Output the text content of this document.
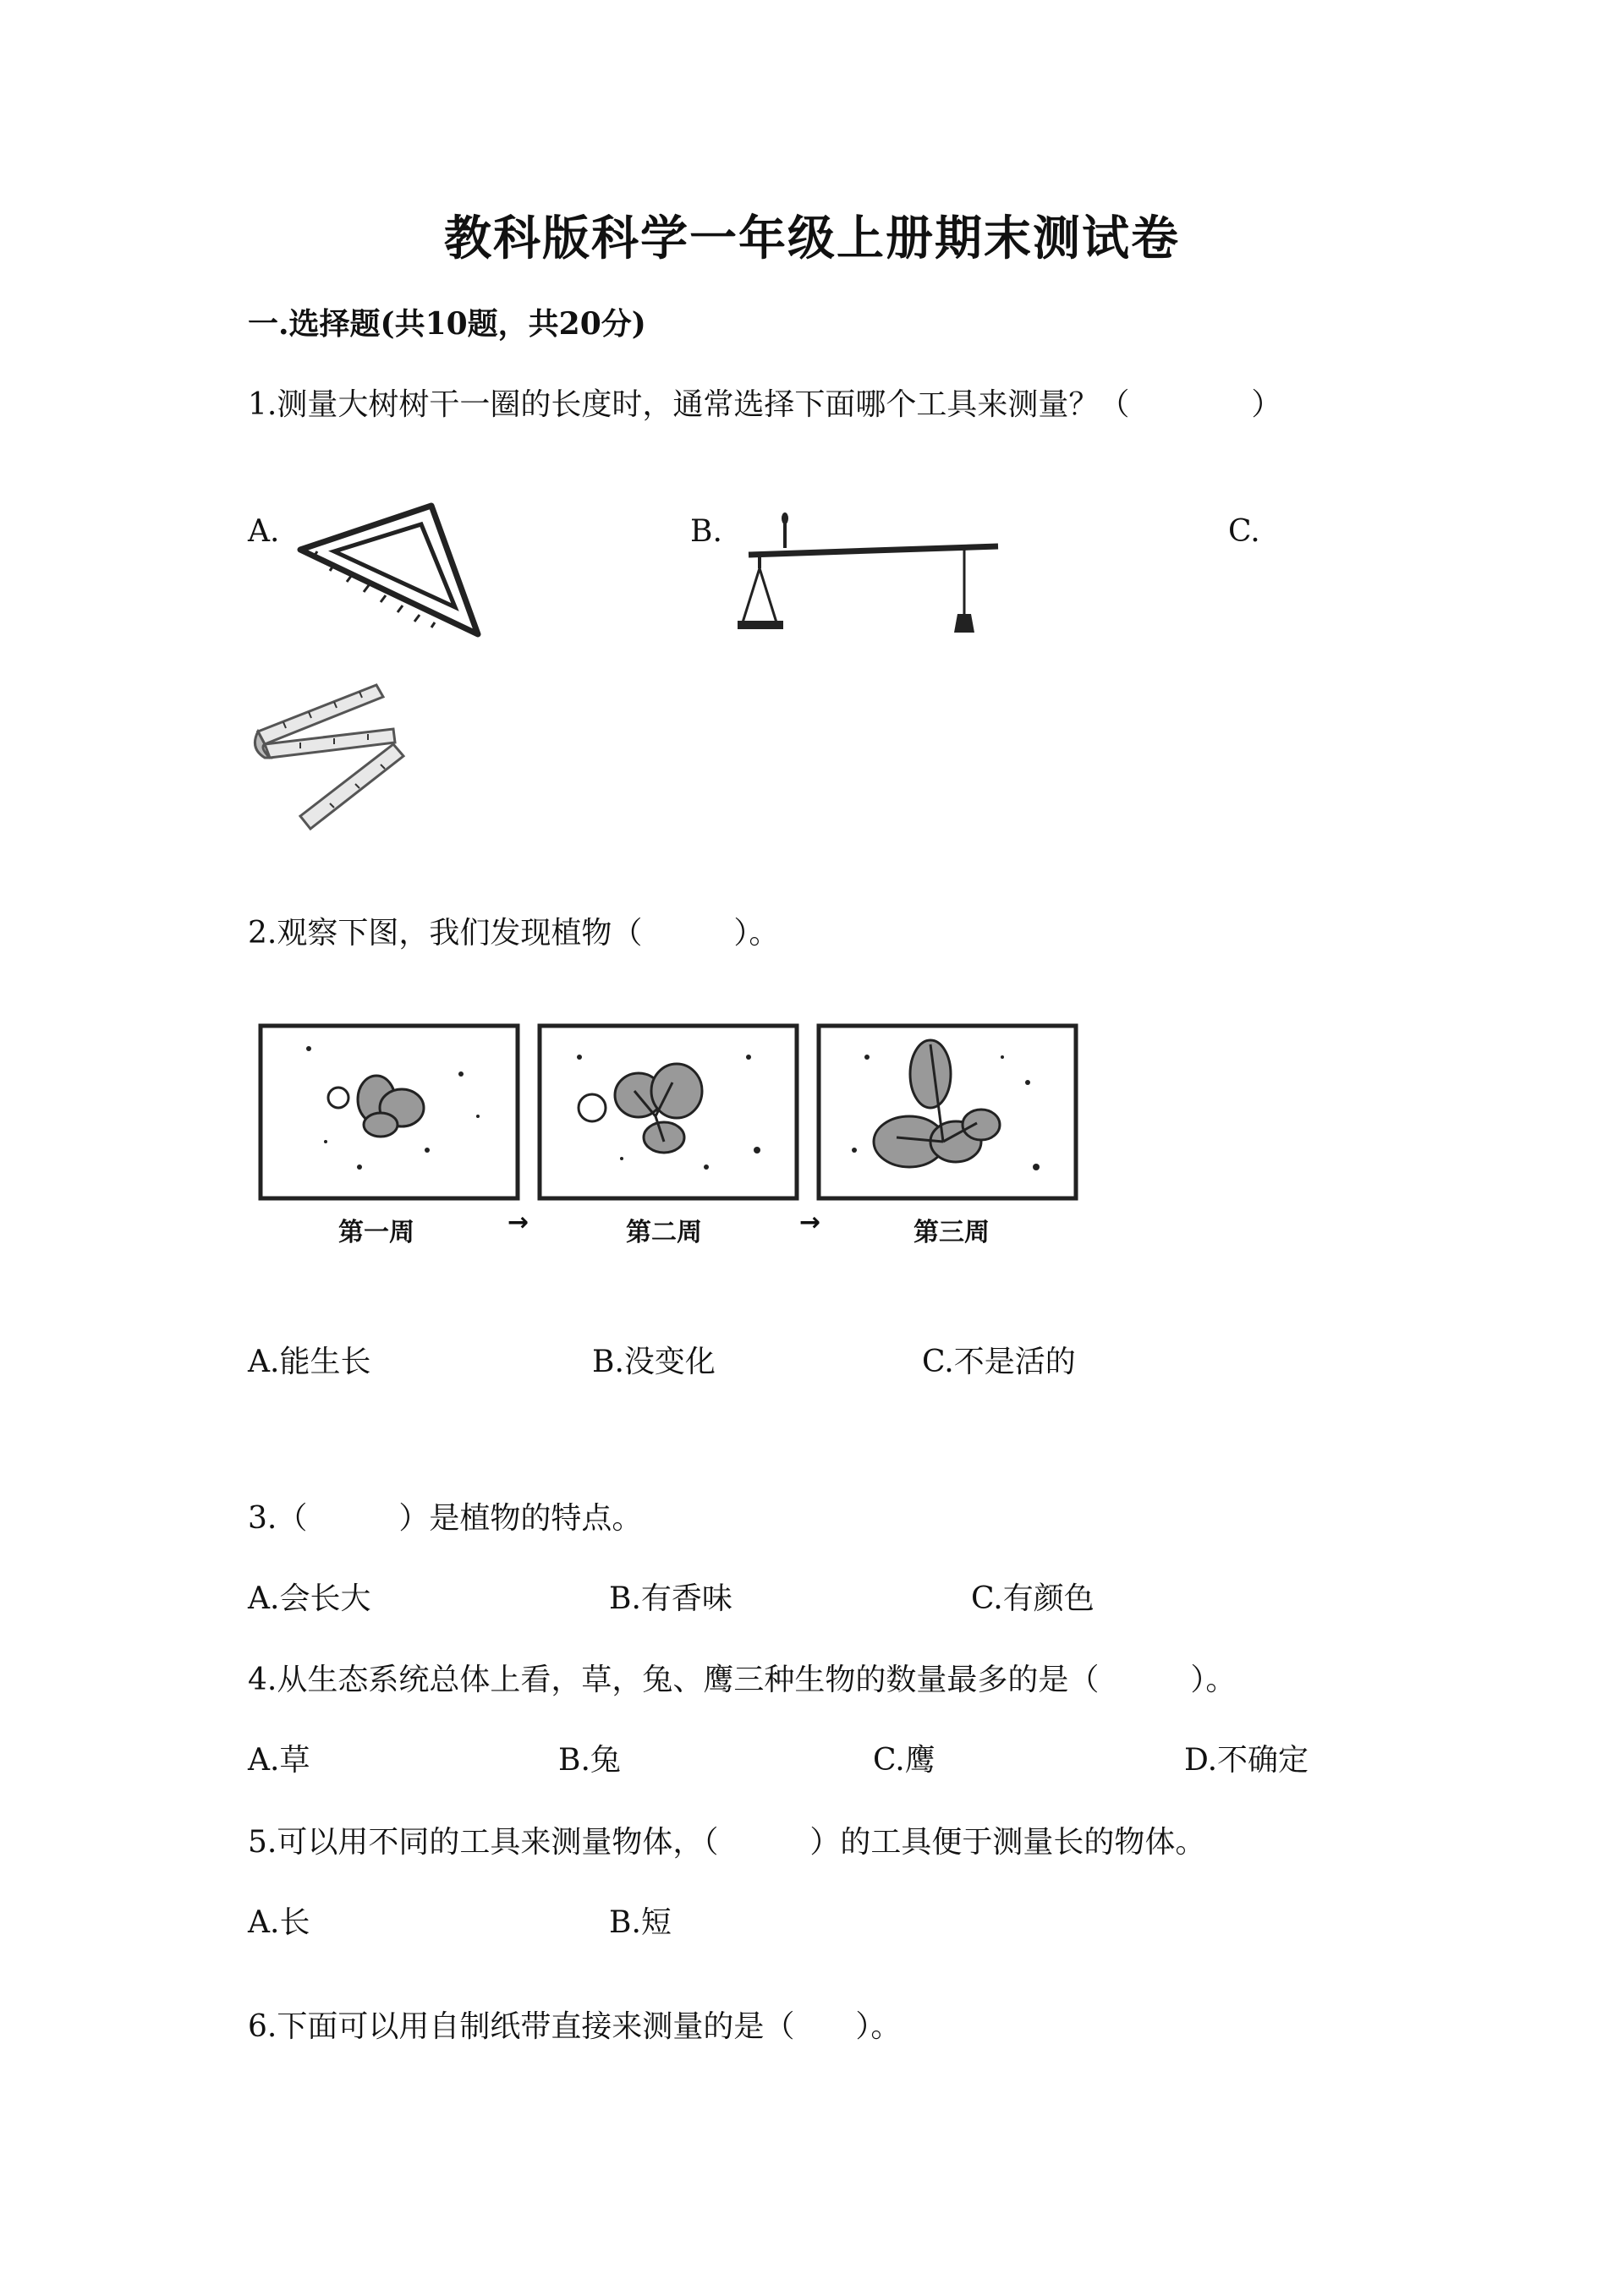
教科版科学一年级上册期末测试卷
一.选择题(共10题，共20分)
1.测量大树树干一圈的长度时，通常选择下面哪个工具来测量？（　　　　）
A.	B.	C.
2.观察下图，我们发现植物（　　　）。
第一周	→	第二周	→	第三周
A.能生长	B.没变化	C.不是活的
3.（　　　）是植物的特点。
A.会长大	B.有香味	C.有颜色
4.从生态系统总体上看，草，兔、鹰三种生物的数量最多的是（　　　）。
A.草	B.兔	C.鹰	D.不确定
5.可以用不同的工具来测量物体，（　　　）的工具便于测量长的物体。
A.长	B.短
6.下面可以用自制纸带直接来测量的是（　　）。
